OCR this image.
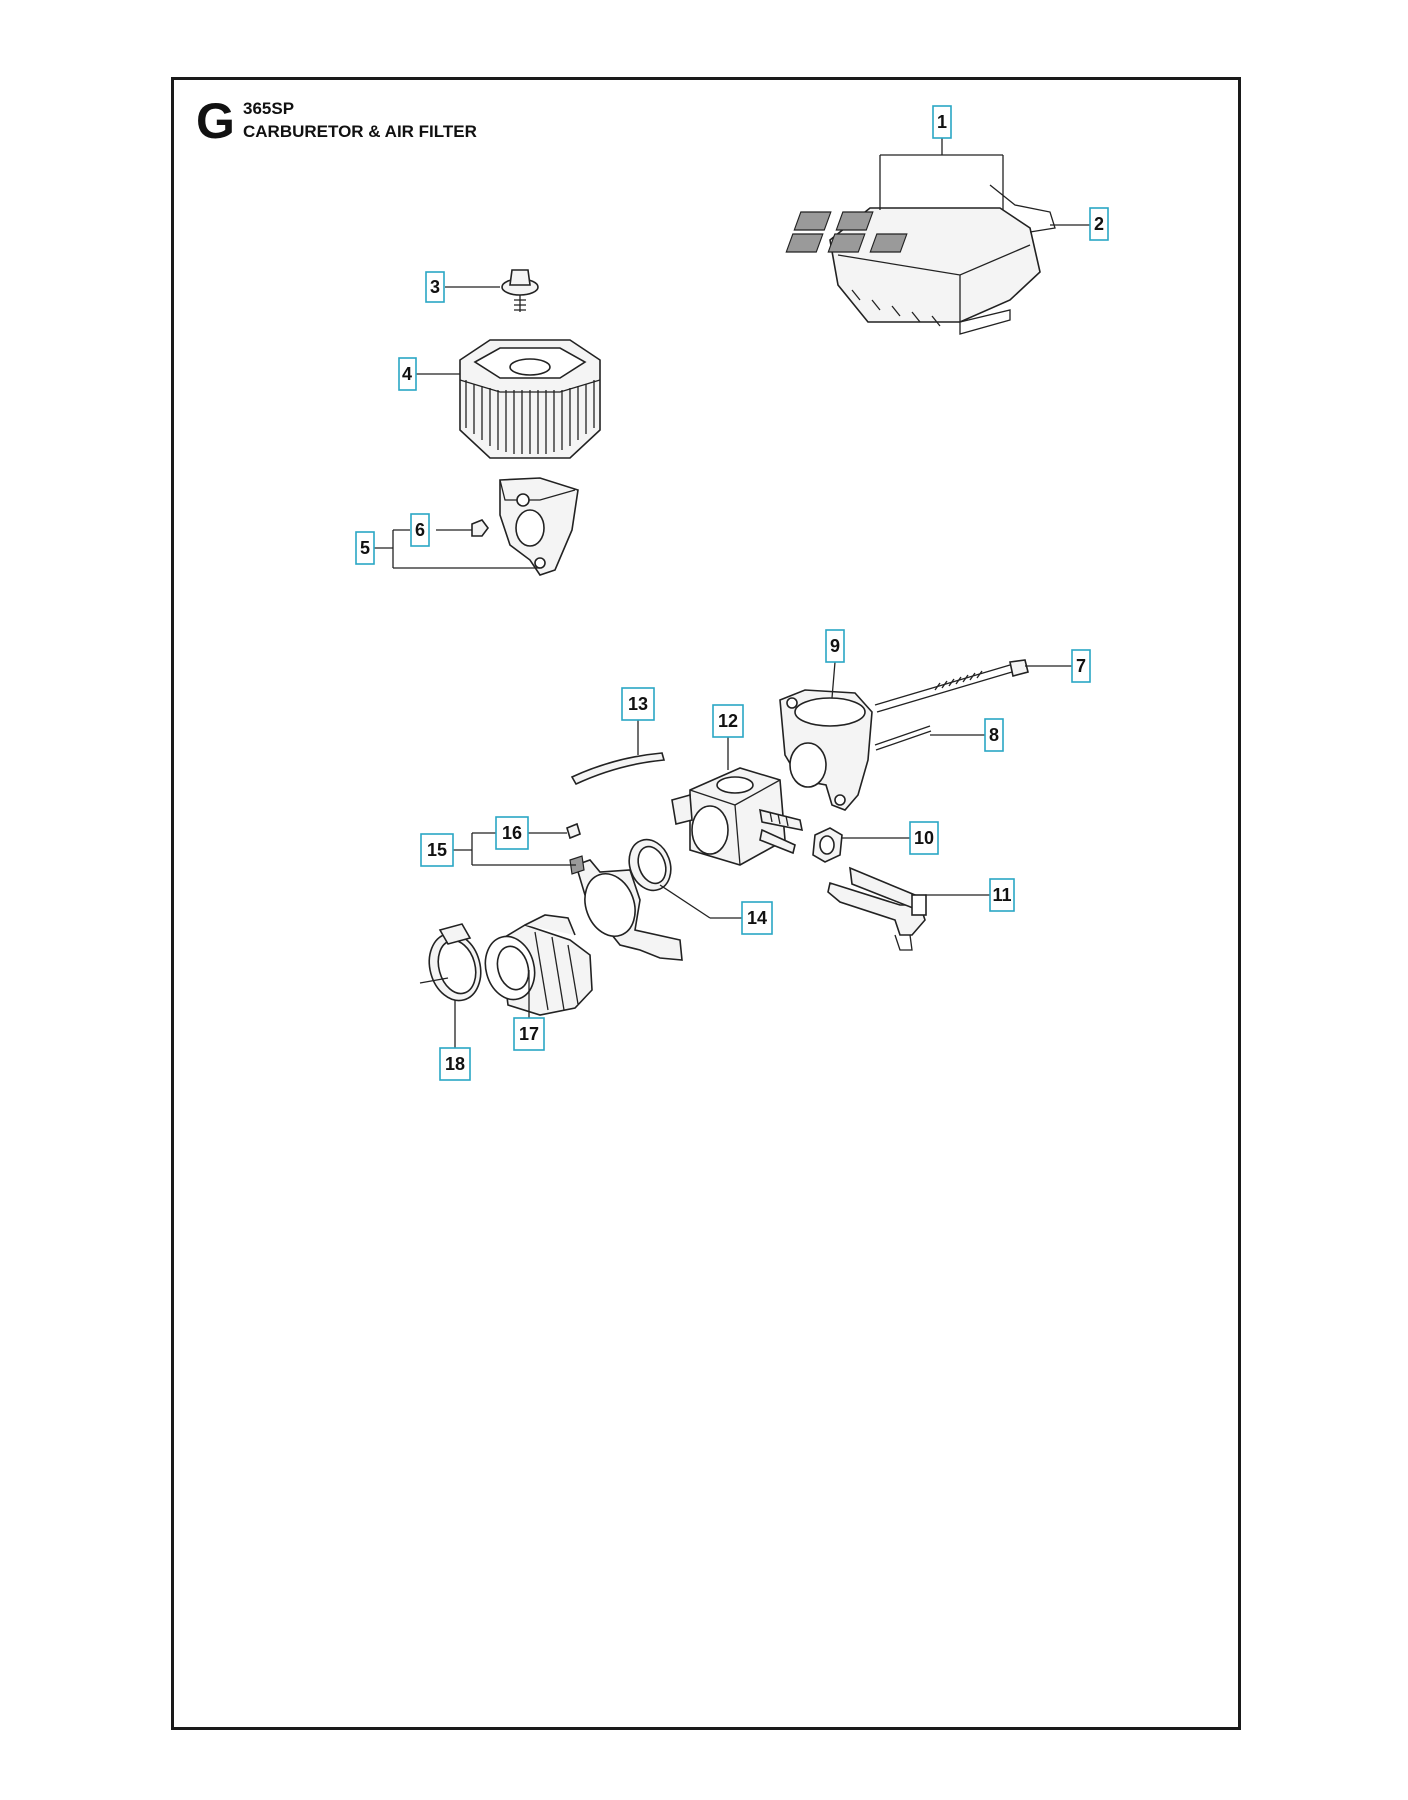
G 365SP
CARBURETOR & AIR FILTER	1
2
3
4
5
6
7
8
9
10
11
12
13
14
15
16
17
18
